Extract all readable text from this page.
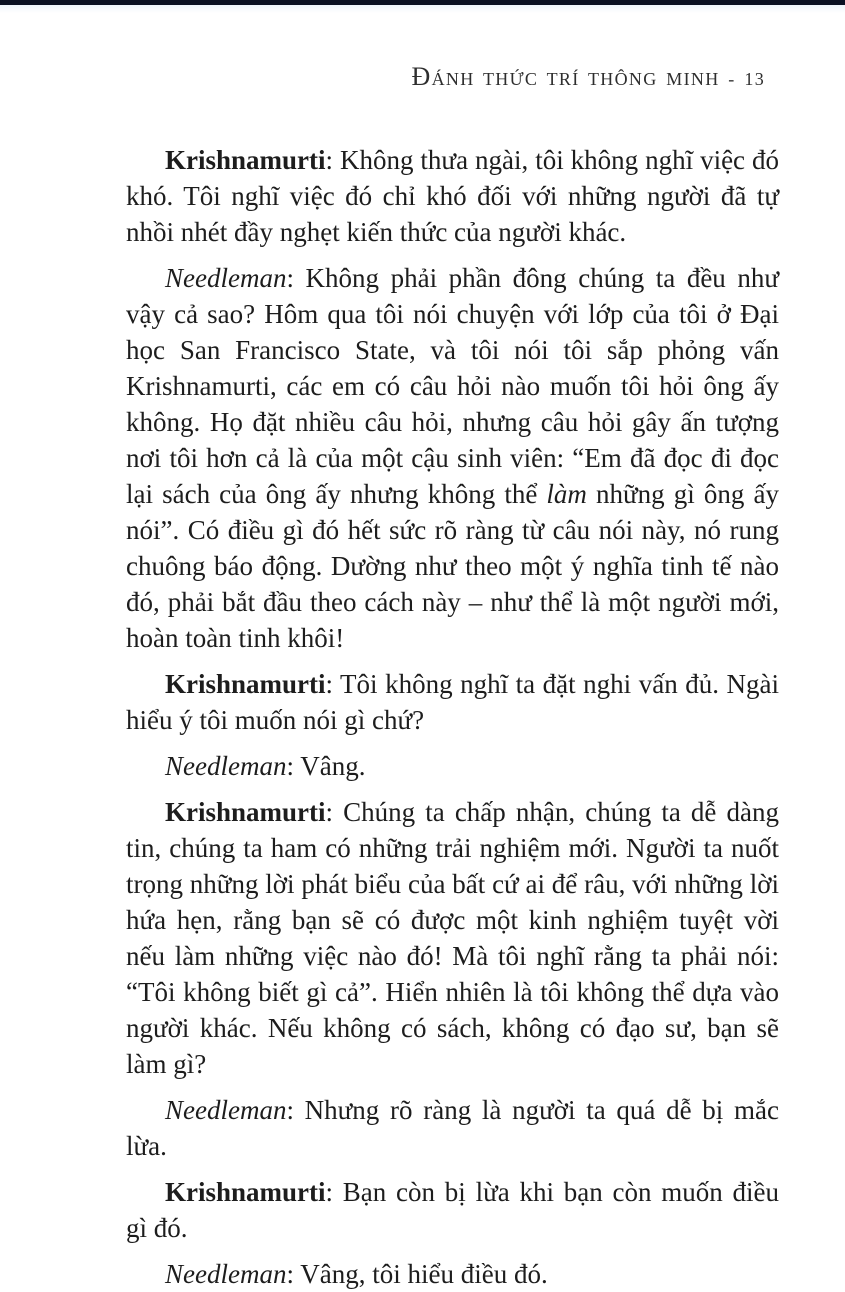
ĐÁNH THỨC TRÍ THÔNG MINH - 13

Krishnamurti: Không thưa ngài, tôi không nghĩ việc đó khó. Tôi nghĩ việc đó chỉ khó đối với những người đã tự nhồi nhét đầy nghẹt kiến thức của người khác.

Needleman: Không phải phần đông chúng ta đều như vậy cả sao? Hôm qua tôi nói chuyện với lớp của tôi ở Đại học San Francisco State, và tôi nói tôi sắp phỏng vấn Krishnamurti, các em có câu hỏi nào muốn tôi hỏi ông ấy không. Họ đặt nhiều câu hỏi, nhưng câu hỏi gây ấn tượng nơi tôi hơn cả là của một cậu sinh viên: “Em đã đọc đi đọc lại sách của ông ấy nhưng không thể làm những gì ông ấy nói”. Có điều gì đó hết sức rõ ràng từ câu nói này, nó rung chuông báo động. Dường như theo một ý nghĩa tinh tế nào đó, phải bắt đầu theo cách này – như thể là một người mới, hoàn toàn tinh khôi!

Krishnamurti: Tôi không nghĩ ta đặt nghi vấn đủ. Ngài hiểu ý tôi muốn nói gì chứ?

Needleman: Vâng.

Krishnamurti: Chúng ta chấp nhận, chúng ta dễ dàng tin, chúng ta ham có những trải nghiệm mới. Người ta nuốt trọng những lời phát biểu của bất cứ ai để râu, với những lời hứa hẹn, rằng bạn sẽ có được một kinh nghiệm tuyệt vời nếu làm những việc nào đó! Mà tôi nghĩ rằng ta phải nói: “Tôi không biết gì cả”. Hiển nhiên là tôi không thể dựa vào người khác. Nếu không có sách, không có đạo sư, bạn sẽ làm gì?

Needleman: Nhưng rõ ràng là người ta quá dễ bị mắc lừa.

Krishnamurti: Bạn còn bị lừa khi bạn còn muốn điều gì đó.

Needleman: Vâng, tôi hiểu điều đó.
